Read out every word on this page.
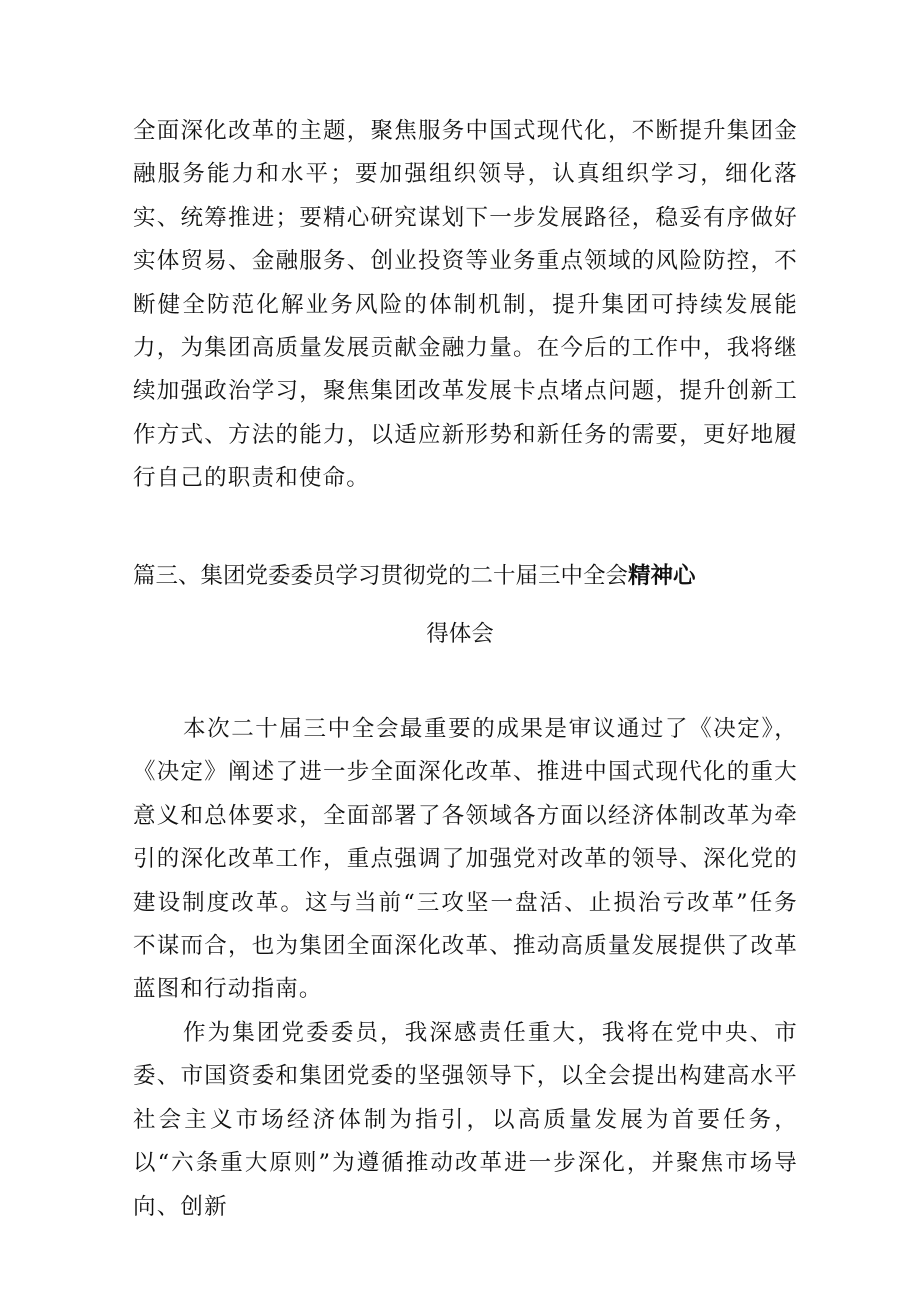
全面深化改革的主题，聚焦服务中国式现代化，不断提升集团金融服务能力和水平；要加强组织领导，认真组织学习，细化落实、统筹推进；要精心研究谋划下一步发展路径，稳妥有序做好实体贸易、金融服务、创业投资等业务重点领域的风险防控，不断健全防范化解业务风险的体制机制，提升集团可持续发展能力，为集团高质量发展贡献金融力量。在今后的工作中，我将继续加强政治学习，聚焦集团改革发展卡点堵点问题，提升创新工作方式、方法的能力，以适应新形势和新任务的需要，更好地履行自己的职责和使命。

篇三、集团党委委员学习贯彻党的二十届三中全会精神心
得体会

本次二十届三中全会最重要的成果是审议通过了《决定》，《决定》阐述了进一步全面深化改革、推进中国式现代化的重大意义和总体要求，全面部署了各领域各方面以经济体制改革为牵引的深化改革工作，重点强调了加强党对改革的领导、深化党的建设制度改革。这与当前“三攻坚一盘活、止损治亏改革”任务不谋而合，也为集团全面深化改革、推动高质量发展提供了改革蓝图和行动指南。

作为集团党委委员，我深感责任重大，我将在党中央、市委、市国资委和集团党委的坚强领导下，以全会提出构建高水平社会主义市场经济体制为指引，以高质量发展为首要任务，以“六条重大原则”为遵循推动改革进一步深化，并聚焦市场导向、创新
